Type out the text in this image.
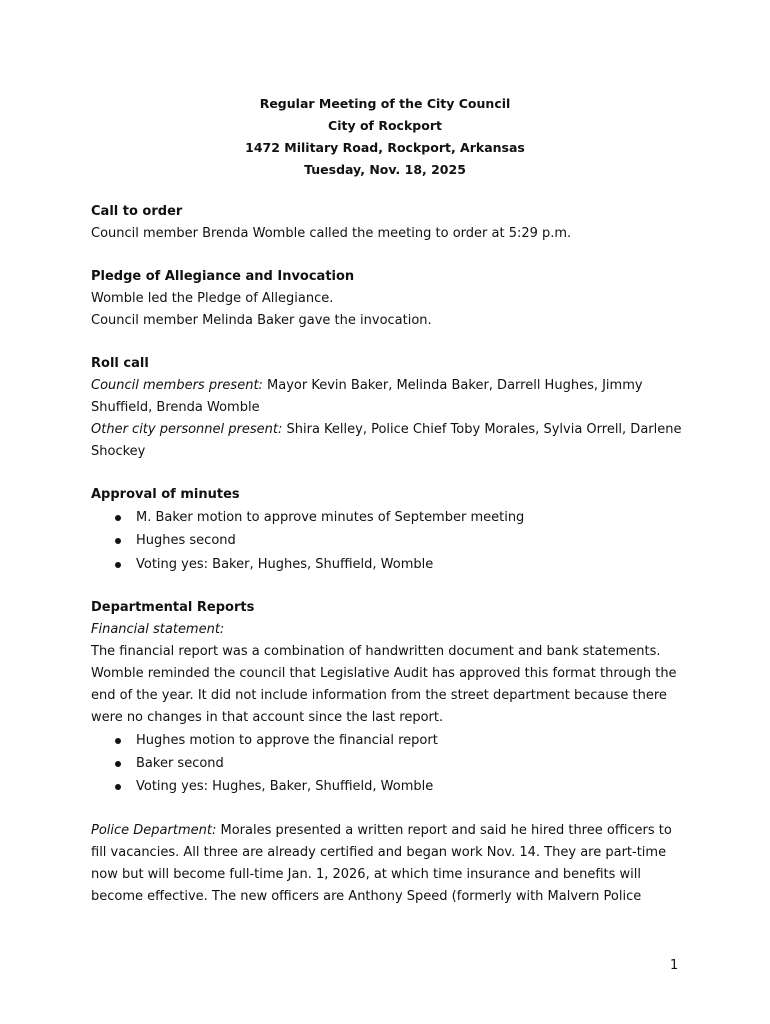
Regular Meeting of the City Council
City of Rockport
1472 Military Road, Rockport, Arkansas
Tuesday, Nov. 18, 2025
Call to order
Council member Brenda Womble called the meeting to order at 5:29 p.m.
Pledge of Allegiance and Invocation
Womble led the Pledge of Allegiance.
Council member Melinda Baker gave the invocation.
Roll call
Council members present: Mayor Kevin Baker, Melinda Baker, Darrell Hughes, Jimmy
Shuffield, Brenda Womble
Other city personnel present: Shira Kelley, Police Chief Toby Morales, Sylvia Orrell, Darlene
Shockey
Approval of minutes
M. Baker motion to approve minutes of September meeting
Hughes second
Voting yes: Baker, Hughes, Shuffield, Womble
Departmental Reports
Financial statement:
The financial report was a combination of handwritten document and bank statements.
Womble reminded the council that Legislative Audit has approved this format through the
end of the year. It did not include information from the street department because there
were no changes in that account since the last report.
Hughes motion to approve the financial report
Baker second
Voting yes: Hughes, Baker, Shuffield, Womble
Police Department: Morales presented a written report and said he hired three officers to
fill vacancies. All three are already certified and began work Nov. 14. They are part-time
now but will become full-time Jan. 1, 2026, at which time insurance and benefits will
become effective. The new officers are Anthony Speed (formerly with Malvern Police
1
